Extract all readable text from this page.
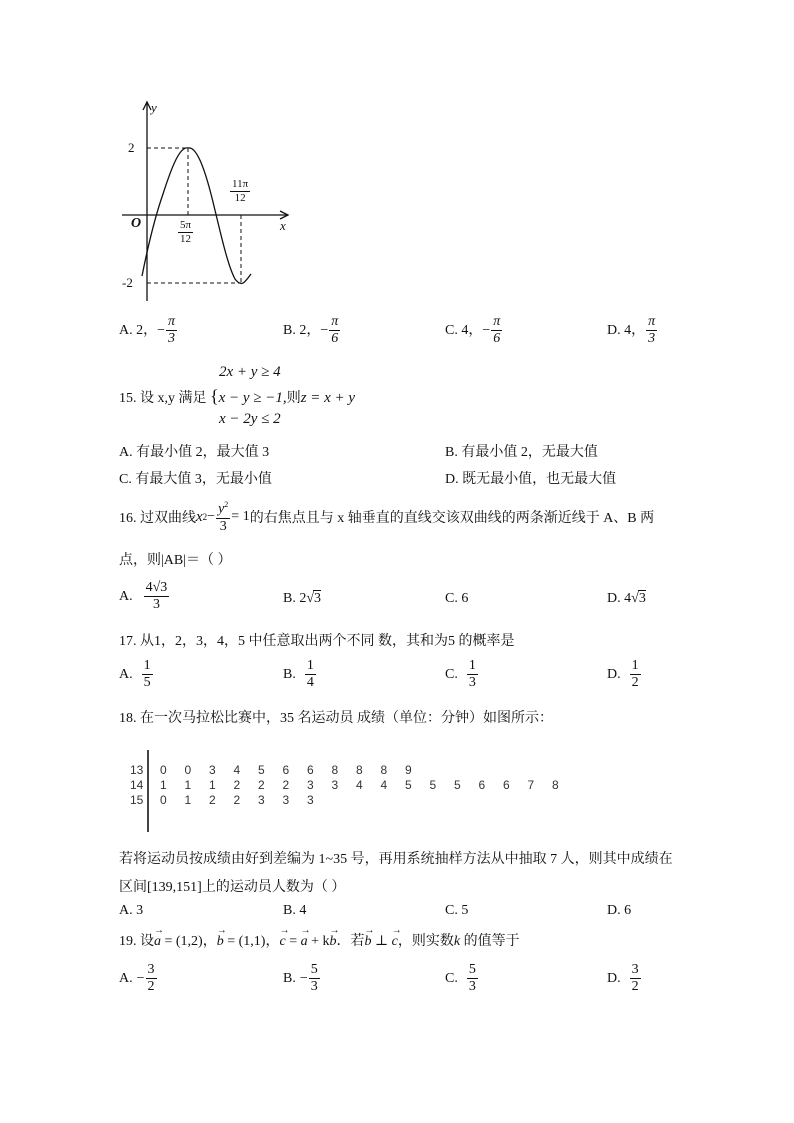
y
x
O
2
-2
$\frac{5\pi}{12}$
$\frac{11\pi}{12}$
A. 2，− $\frac{\pi}{3}$	B. 2，− $\frac{\pi}{6}$	C. 4，− $\frac{\pi}{6}$	D. 4， $\frac{\pi}{3}$
2x + y ≥ 4
15. 设 x,y 满足 {x − y ≥ −1,则z = x + y
x − 2y ≤ 2
A. 有最小值 2，最大值 3	B. 有最小值 2，无最大值
C. 有最大值 3，无最小值	D. 既无最小值，也无最大值
16. 过双曲线 x $2 - \frac{y^2}{3} = 1$ 的右焦点且与 x 轴垂直的直线交该双曲线的两条渐近线于 A、B 两
点，则|AB|＝（ ）
A. $\frac{4√3}{3}$	B. 2√3	C. 6	D. 4√3
17. 从1，2，3，4，5 中任意取出两个不同 数，其和为5 的概率是
A. $\frac{1}{5}$	B. $\frac{1}{4}$	C. $\frac{1}{3}$	D. $\frac{1}{2}$
18. 在一次马拉松比赛中，35 名运动员 成绩（单位：分钟）如图所示：
13	0	0	3	4	5	6	6	8	8	8	9
14	1	1	1	2	2	2	3	3	4	4	5	5	5	6	6	7	8
15	0	1	2	2	3	3	3
若将运动员按成绩由好到差编为 1~35 号，再用系统抽样方法从中抽取 7 人，则其中成绩在
区间[139,151]上的运动员人数为（ ）
A. 3	B. 4	C. 5	D. 6
19. 设→ a = (1,2)，→ b = (1,1)，→ c = → a + k→ b．若→ b ⊥ → c，则实数k 的值等于
A. − $\frac{3}{2}$	B. − $\frac{5}{3}$	C. $\frac{5}{3}$	D. $\frac{3}{2}$
